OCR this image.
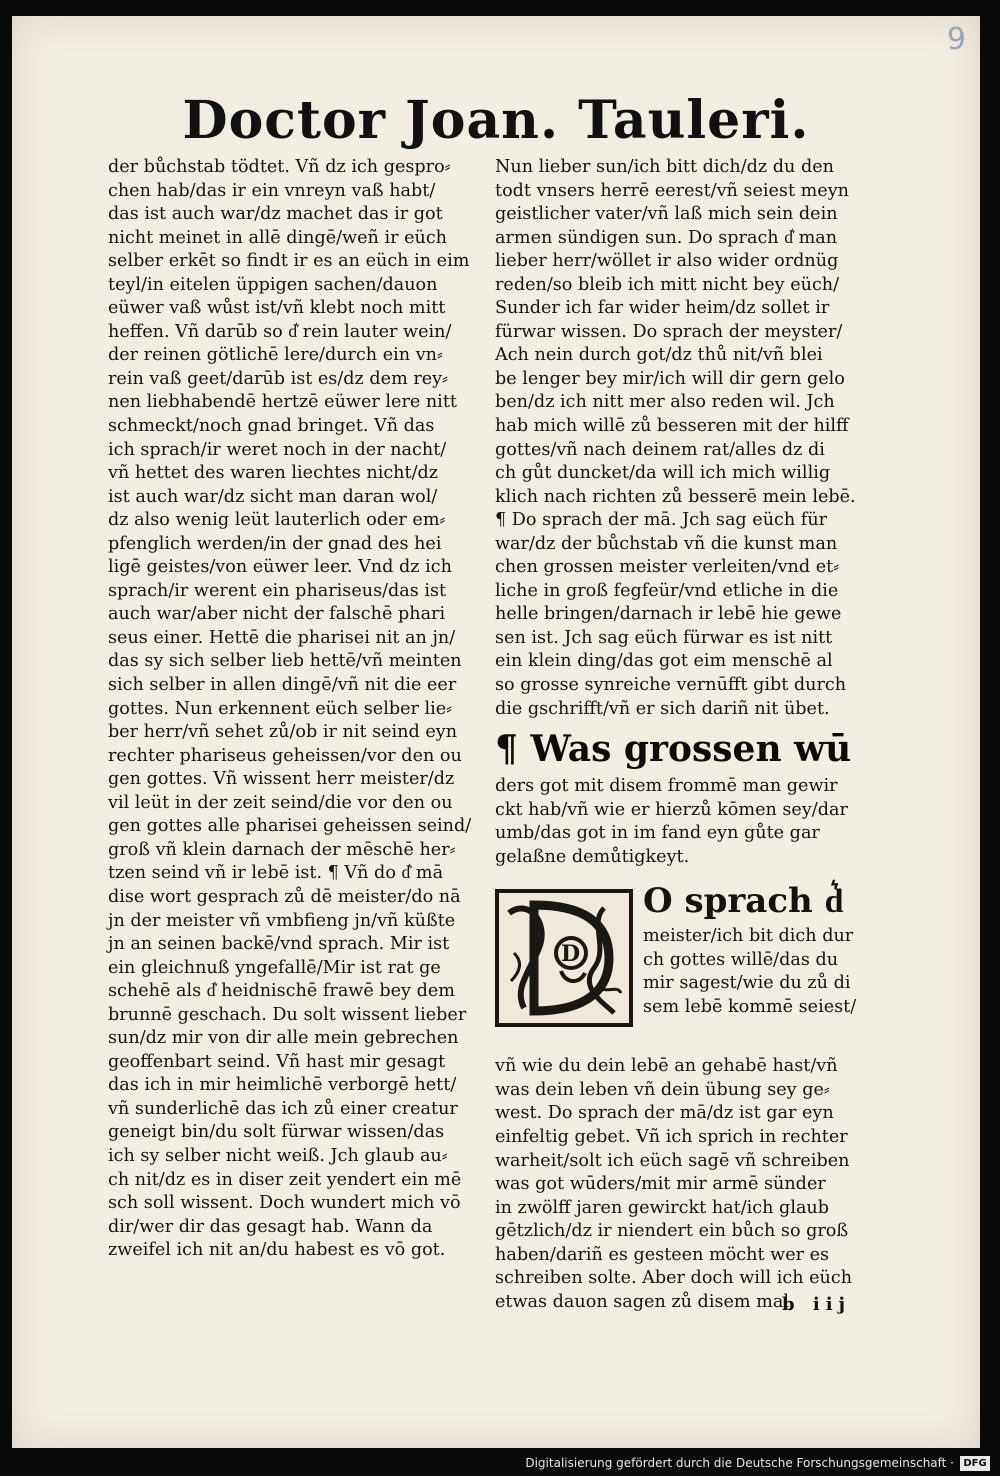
9
Doctor Joan. Tauleri.
der bůchstab tödtet. Vñ dz ich gespro⸗
chen hab/das ir ein vnreyn vaß habt/
das ist auch war/dz machet das ir got
nicht meinet in allē dingē/weñ ir eüch
selber erkēt so findt ir es an eüch in eim
teyl/in eitelen üppigen sachen/dauon
eüwer vaß wůst ist/vñ klebt noch mitt
heffen. Vñ darūb so d͛ rein lauter wein/
der reinen götlichē lere/durch ein vn⸗
rein vaß geet/darūb ist es/dz dem rey⸗
nen liebhabendē hertzē eüwer lere nitt
schmeckt/noch gnad bringet. Vñ das
ich sprach/ir weret noch in der nacht/
vñ hettet des waren liechtes nicht/dz
ist auch war/dz sicht man daran wol/
dz also wenig leüt lauterlich oder em⸗
pfenglich werden/in der gnad des hei
ligē geistes/von eüwer leer. Vnd dz ich
sprach/ir werent ein phariseus/das ist
auch war/aber nicht der falschē phari
seus einer. Hettē die pharisei nit an jn/
das sy sich selber lieb hettē/vñ meinten
sich selber in allen dingē/vñ nit die eer
gottes. Nun erkennent eüch selber lie⸗
ber herr/vñ sehet zů/ob ir nit seind eyn
rechter phariseus geheissen/vor den ou
gen gottes. Vñ wissent herr meister/dz
vil leüt in der zeit seind/die vor den ou
gen gottes alle pharisei geheissen seind/
groß vñ klein darnach der mēschē her⸗
tzen seind vñ ir lebē ist. ¶ Vñ do d͛ mā
dise wort gesprach zů dē meister/do nā
jn der meister vñ vmbfieng jn/vñ küßte
jn an seinen backē/vnd sprach. Mir ist
ein gleichnuß yngefallē/Mir ist rat ge
schehē als d͛ heidnischē frawē bey dem
brunnē geschach. Du solt wissent lieber
sun/dz mir von dir alle mein gebrechen
geoffenbart seind. Vñ hast mir gesagt
das ich in mir heimlichē verborgē hett/
vñ sunderlichē das ich zů einer creatur
geneigt bin/du solt fürwar wissen/das
ich sy selber nicht weiß. Jch glaub au⸗
ch nit/dz es in diser zeit yendert ein mē
sch soll wissent. Doch wundert mich vō
dir/wer dir das gesagt hab. Wann da
zweifel ich nit an/du habest es vō got.
Nun lieber sun/ich bitt dich/dz du den
todt vnsers herrē eerest/vñ seiest meyn
geistlicher vater/vñ laß mich sein dein
armen sündigen sun. Do sprach d͛ man
lieber herr/wöllet ir also wider ordnüg
reden/so bleib ich mitt nicht bey eüch/
Sunder ich far wider heim/dz sollet ir
fürwar wissen. Do sprach der meyster/
Ach nein durch got/dz thů nit/vñ blei
be lenger bey mir/ich will dir gern gelo
ben/dz ich nitt mer also reden wil. Jch
hab mich willē zů besseren mit der hilff
gottes/vñ nach deinem rat/alles dz di
ch gůt duncket/da will ich mich willig
klich nach richten zů besserē mein lebē.
¶ Do sprach der mā. Jch sag eüch für
war/dz der bůchstab vñ die kunst man
chen grossen meister verleiten/vnd et⸗
liche in groß fegfeür/vnd etliche in die
helle bringen/darnach ir lebē hie gewe
sen ist. Jch sag eüch fürwar es ist nitt
ein klein ding/das got eim menschē al
so grosse synreiche vernūfft gibt durch
die gschrifft/vñ er sich dariñ nit übet.
¶ Was grossen wū
ders got mit disem frommē man gewir
ckt hab/vñ wie er hierzů kōmen sey/dar
umb/das got in im fand eyn gůte gar
gelaßne demůtigkeyt.
D
O sprach d͛
meister/ich bit dich dur
ch gottes willē/das du
mir sagest/wie du zů di
sem lebē kommē seiest/
vñ wie du dein lebē an gehabē hast/vñ
was dein leben vñ dein übung sey ge⸗
west. Do sprach der mā/dz ist gar eyn
einfeltig gebet. Vñ ich sprich in rechter
warheit/solt ich eüch sagē vñ schreiben
was got wūders/mit mir armē sünder
in zwölff jaren gewirckt hat/ich glaub
gētzlich/dz ir niendert ein bůch so groß
haben/dariñ es gesteen möcht wer es
schreiben solte. Aber doch will ich eüch
etwas dauon sagen zů disem mal.
b iij
Digitalisierung gefördert durch die Deutsche Forschungsgemeinschaft · DFG
